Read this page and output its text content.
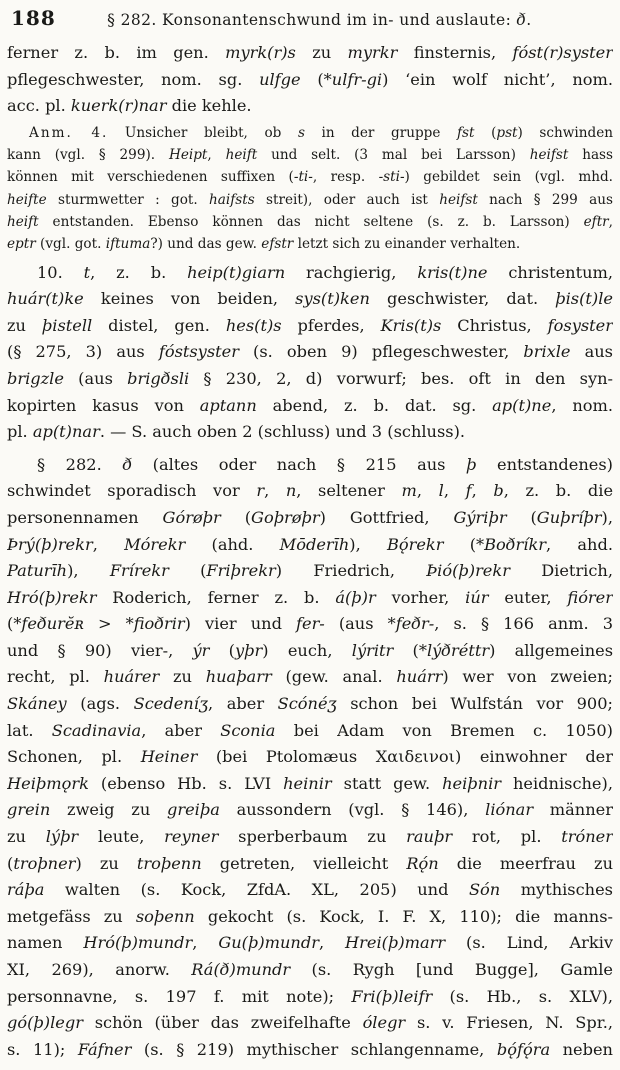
188	§ 282. Konsonantenschwund im in- und auslaute: ð.
ferner z. b. im gen. myrk(r)s zu myrkr finsternis, fóst(r)syster
pflegeschwester, nom. sg. ulfge (*ulfr-gi) ‘ein wolf nicht’, nom.
acc. pl. kuerk(r)nar die kehle.
Anm. 4. Unsicher bleibt, ob s in der gruppe fst (pst) schwinden
kann (vgl. § 299). Heipt, heift und selt. (3 mal bei Larsson) heifst hass
können mit verschiedenen suffixen (-ti-, resp. -sti-) gebildet sein (vgl. mhd.
heifte sturmwetter : got. haifsts streit), oder auch ist heifst nach § 299 aus
heift entstanden. Ebenso können das nicht seltene (s. z. b. Larsson) eftr,
eptr (vgl. got. iftuma?) und das gew. efstr letzt sich zu einander verhalten.
10. t, z. b. heip(t)giarn rachgierig, kris(t)ne christentum,
huár(t)ke keines von beiden, sys(t)ken geschwister, dat. þis(t)le
zu þistell distel, gen. hes(t)s pferdes, Kris(t)s Christus, fosyster
(§ 275, 3) aus fóstsyster (s. oben 9) pflegeschwester, brixle aus
brigzle (aus brigðsli § 230, 2, d) vorwurf; bes. oft in den syn-
kopirten kasus von aptann abend, z. b. dat. sg. ap(t)ne, nom.
pl. ap(t)nar. — S. auch oben 2 (schluss) und 3 (schluss).
§ 282. ð (altes oder nach § 215 aus þ entstandenes)
schwindet sporadisch vor r, n, seltener m, l, f, b, z. b. die
personennamen Górøþr (Goþrøþr) Gottfried, Gýriþr (Guþríþr),
Þrý(þ)rekr, Mórekr (ahd. Mōderīh), Bǫ́rekr (*Boðríkr, ahd.
Paturīh), Frírekr (Friþrekr) Friedrich, Þió(þ)rekr Dietrich,
Hró(þ)rekr Roderich, ferner z. b. á(þ)r vorher, iúr euter, fiórer
(*feðurĕʀ > *fioðrir) vier und fer- (aus *feðr-, s. § 166 anm. 3
und § 90) vier-, ýr (yþr) euch, lýritr (*lýðréttr) allgemeines
recht, pl. huárer zu huaþarr (gew. anal. huárr) wer von zweien;
Skáney (ags. Scedeníʒ, aber Scónéʒ schon bei Wulfstán vor 900;
lat. Scadinavia, aber Sconia bei Adam von Bremen c. 1050)
Schonen, pl. Heiner (bei Ptolomæus Χαιδεινοι) einwohner der
Heiþmǫrk (ebenso Hb. s. LVI heinir statt gew. heiþnir heidnische),
grein zweig zu greiþa aussondern (vgl. § 146), liónar männer
zu lýþr leute, reyner sperberbaum zu rauþr rot, pl. tróner
(troþner) zu troþenn getreten, vielleicht Rǫ́n die meerfrau zu
ráþa walten (s. Kock, ZfdA. XL, 205) und Són mythisches
metgefäss zu soþenn gekocht (s. Kock, I. F. X, 110); die manns-
namen Hró(þ)mundr, Gu(þ)mundr, Hrei(þ)marr (s. Lind, Arkiv
XI, 269), anorw. Rá(ð)mundr (s. Rygh [und Bugge], Gamle
personnavne, s. 197 f. mit note); Fri(þ)leifr (s. Hb., s. XLV),
gó(þ)legr schön (über das zweifelhafte ólegr s. v. Friesen, N. Spr.,
s. 11); Fáfner (s. § 219) mythischer schlangenname, bǫ́fǫ́ra neben
